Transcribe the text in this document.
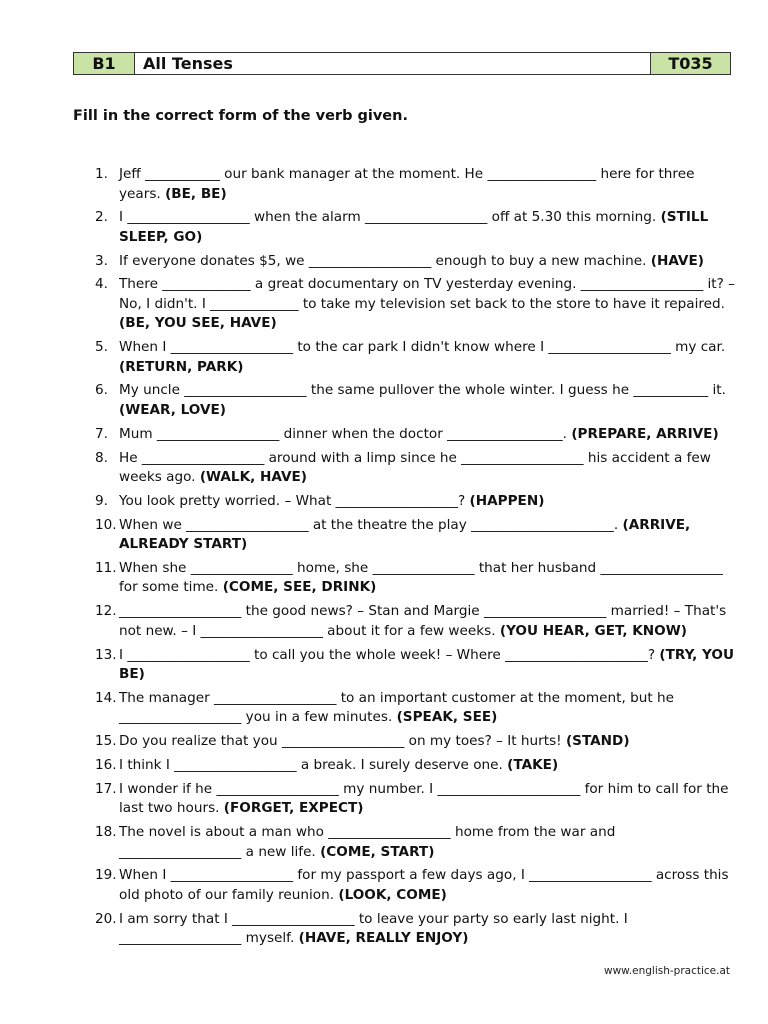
B1	All Tenses	T035

Fill in the correct form of the verb given.

1. Jeff ___________ our bank manager at the moment. He ________________ here for three years. (BE, BE)
2. I __________________ when the alarm __________________ off at 5.30 this morning. (STILL SLEEP, GO)
3. If everyone donates $5, we __________________ enough to buy a new machine. (HAVE)
4. There _____________ a great documentary on TV yesterday evening. __________________ it? – No, I didn't. I _____________ to take my television set back to the store to have it repaired. (BE, YOU SEE, HAVE)
5. When I __________________ to the car park I didn't know where I __________________ my car. (RETURN, PARK)
6. My uncle __________________ the same pullover the whole winter. I guess he ___________ it. (WEAR, LOVE)
7. Mum __________________ dinner when the doctor _________________. (PREPARE, ARRIVE)
8. He __________________ around with a limp since he __________________ his accident a few weeks ago. (WALK, HAVE)
9. You look pretty worried. – What __________________? (HAPPEN)
10. When we __________________ at the theatre the play _____________________. (ARRIVE, ALREADY START)
11. When she _______________ home, she _______________ that her husband __________________ for some time. (COME, SEE, DRINK)
12. __________________ the good news? – Stan and Margie __________________ married! – That's not new. – I __________________ about it for a few weeks. (YOU HEAR, GET, KNOW)
13. I __________________ to call you the whole week! – Where _____________________? (TRY, YOU BE)
14. The manager __________________ to an important customer at the moment, but he __________________ you in a few minutes. (SPEAK, SEE)
15. Do you realize that you __________________ on my toes? – It hurts! (STAND)
16. I think I __________________ a break. I surely deserve one. (TAKE)
17. I wonder if he __________________ my number. I _____________________ for him to call for the last two hours. (FORGET, EXPECT)
18. The novel is about a man who __________________ home from the war and __________________ a new life. (COME, START)
19. When I __________________ for my passport a few days ago, I __________________ across this old photo of our family reunion. (LOOK, COME)
20. I am sorry that I __________________ to leave your party so early last night. I __________________ myself. (HAVE, REALLY ENJOY)
www.english-practice.at
